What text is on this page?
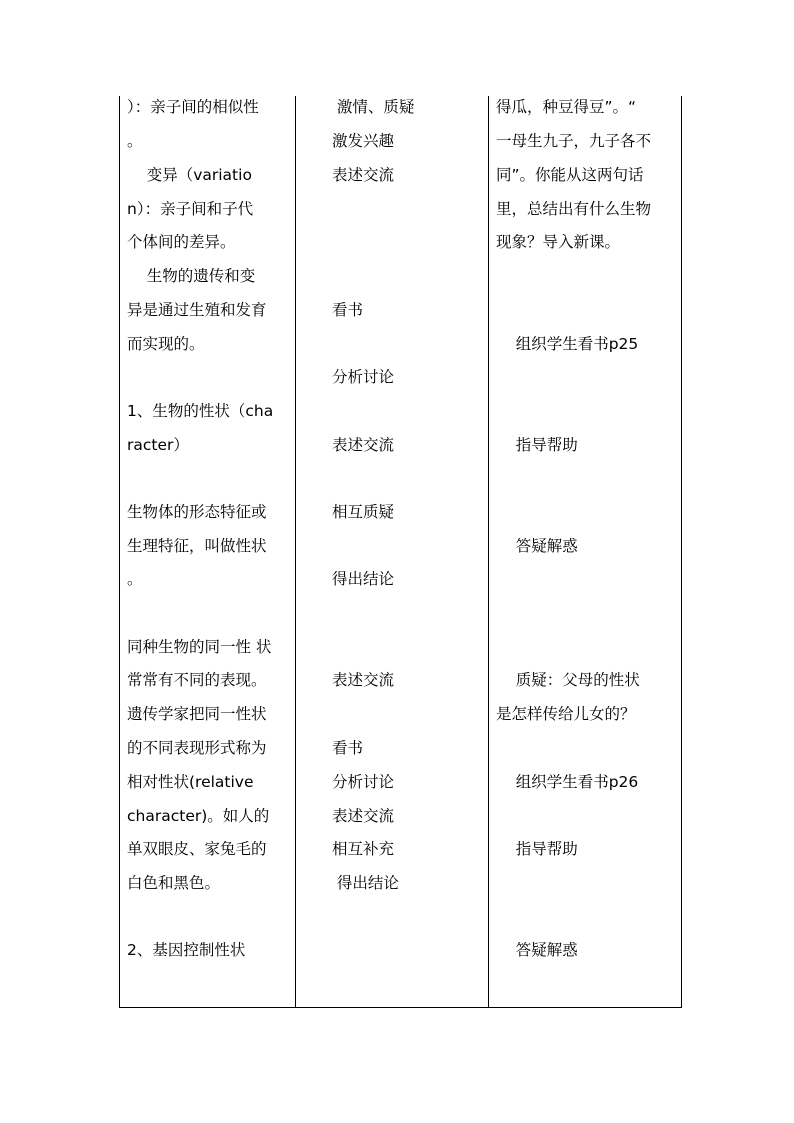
）：亲子间的相似性
。
变异（variatio
n）：亲子间和子代
个体间的差异。
生物的遗传和变
异是通过生殖和发育
而实现的。
1、生物的性状（cha
racter）
生物体的形态特征或
生理特征，叫做性状
。
同种生物的同一性 状
常常有不同的表现。
遗传学家把同一性状
的不同表现形式称为
相对性状(relative
character)。如人的
单双眼皮、家兔毛的
白色和黑色。
2、基因控制性状
激情、质疑
激发兴趣
表述交流
看书
分析讨论
表述交流
相互质疑
得出结论
表述交流
看书
分析讨论
表述交流
相互补充
得出结论
得瓜，种豆得豆”。“
一母生九子，九子各不
同”。你能从这两句话
里，总结出有什么生物
现象？导入新课。
组织学生看书p25
指导帮助
答疑解惑
质疑：父母的性状
是怎样传给儿女的？
组织学生看书p26
指导帮助
答疑解惑
